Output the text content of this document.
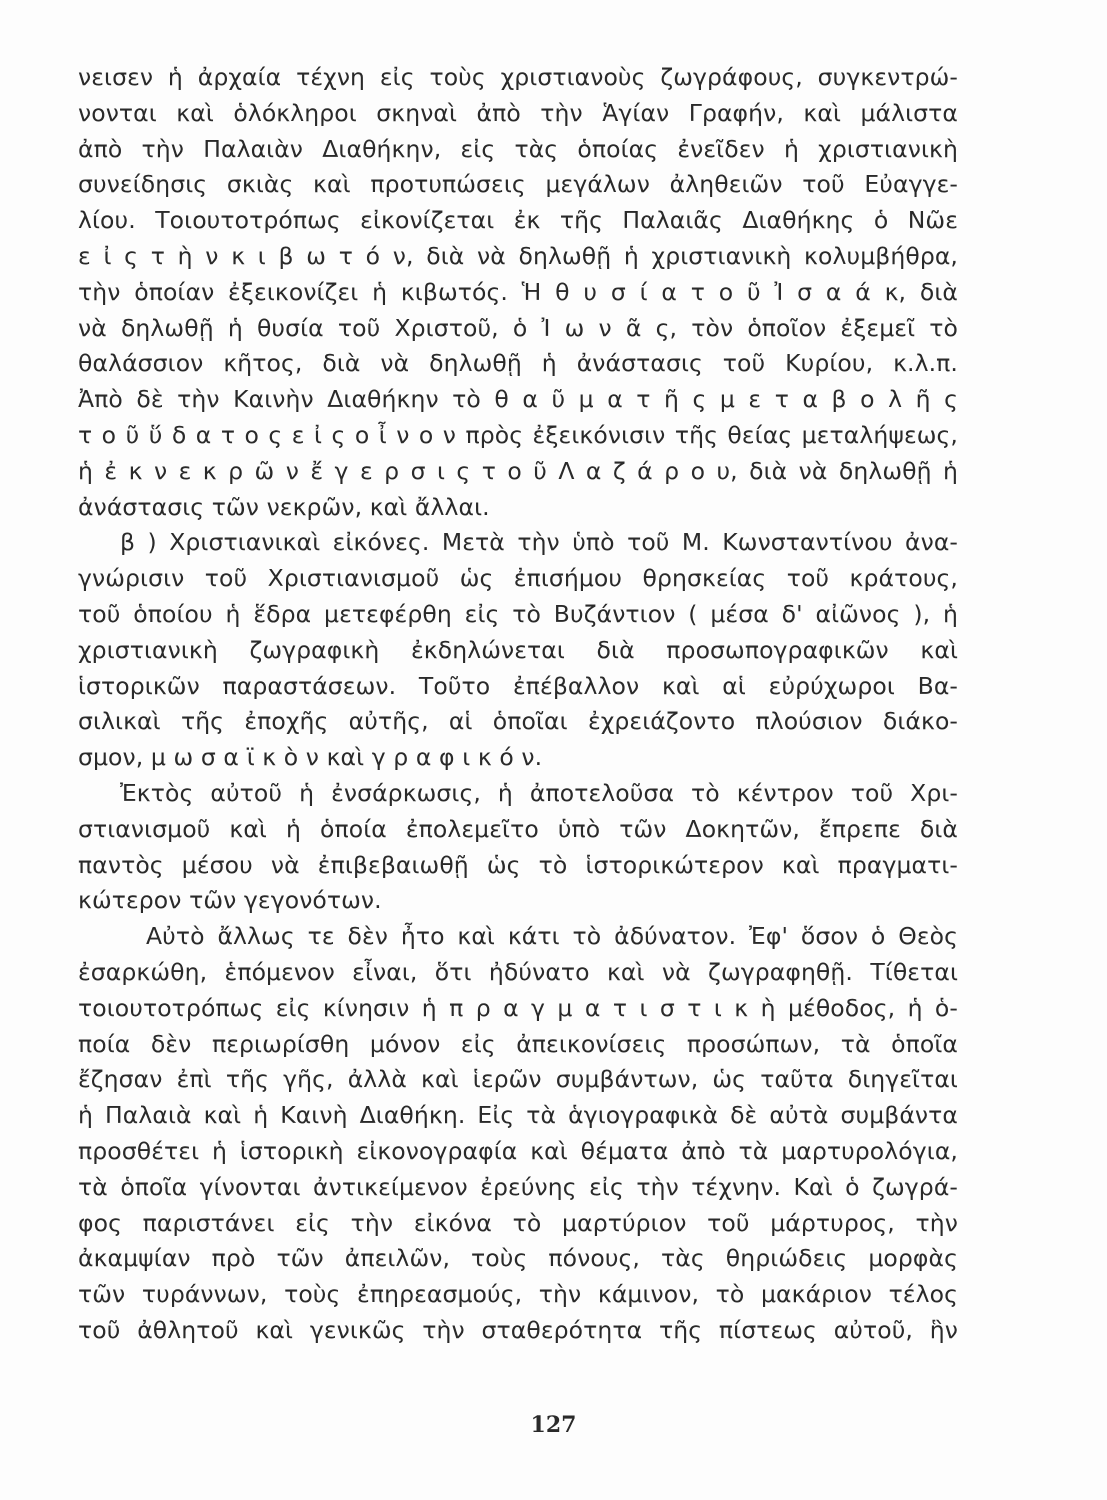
νεισεν ἡ ἀρχαία τέχνη εἰς τοὺς χριστιανοὺς ζωγράφους, συγκεντρώ-
νονται καὶ ὁλόκληροι σκηναὶ ἀπὸ τὴν Ἁγίαν Γραφήν, καὶ μάλιστα
ἀπὸ τὴν Παλαιὰν Διαθήκην, εἰς τὰς ὁποίας ἐνεῖδεν ἡ χριστιανικὴ
συνείδησις σκιὰς καὶ προτυπώσεις μεγάλων ἀληθειῶν τοῦ Εὐαγγε-
λίου. Τοιουτοτρόπως εἰκονίζεται ἐκ τῆς Παλαιᾶς Διαθήκης ὁ Νῶε
ε ἰ ς τ ὴ ν κ ι β ω τ ό ν, διὰ νὰ δηλωθῇ ἡ χριστιανικὴ κολυμβήθρα,
τὴν ὁποίαν ἐξεικονίζει ἡ κιβωτός. Ἡ θ υ σ ί α τ ο ῦ Ἰ σ α ά κ, διὰ
νὰ δηλωθῇ ἡ θυσία τοῦ Χριστοῦ, ὁ Ἰ ω ν ᾶ ς, τὸν ὁποῖον ἐξεμεῖ τὸ
θαλάσσιον κῆτος, διὰ νὰ δηλωθῇ ἡ ἀνάστασις τοῦ Κυρίου, κ.λ.π.
Ἀπὸ δὲ τὴν Καινὴν Διαθήκην τὸ θ α ῦ μ α τ ῆ ς μ ε τ α β ο λ ῆ ς
τ ο ῦ ὕ δ α τ ο ς ε ἰ ς ο ἶ ν ο ν πρὸς ἐξεικόνισιν τῆς θείας μεταλήψεως,
ἡ ἐ κ ν ε κ ρ ῶ ν ἔ γ ε ρ σ ι ς τ ο ῦ Λ α ζ ά ρ ο υ, διὰ νὰ δηλωθῇ ἡ
ἀνάστασις τῶν νεκρῶν, καὶ ἄλλαι.
β ) Χριστιανικαὶ εἰκόνες. Μετὰ τὴν ὑπὸ τοῦ Μ. Κωνσταντίνου ἀνα-
γνώρισιν τοῦ Χριστιανισμοῦ ὡς ἐπισήμου θρησκείας τοῦ κράτους,
τοῦ ὁποίου ἡ ἕδρα μετεφέρθη εἰς τὸ Βυζάντιον ( μέσα δ' αἰῶνος ), ἡ
χριστιανικὴ ζωγραφικὴ ἐκδηλώνεται διὰ προσωπογραφικῶν καὶ
ἱστορικῶν παραστάσεων. Τοῦτο ἐπέβαλλον καὶ αἱ εὐρύχωροι Βα-
σιλικαὶ τῆς ἐποχῆς αὐτῆς, αἱ ὁποῖαι ἐχρειάζοντο πλούσιον διάκο-
σμον, μ ω σ α ϊ κ ὸ ν καὶ γ ρ α φ ι κ ό ν.
Ἐκτὸς αὐτοῦ ἡ ἐνσάρκωσις, ἡ ἀποτελοῦσα τὸ κέντρον τοῦ Χρι-
στιανισμοῦ καὶ ἡ ὁποία ἐπολεμεῖτο ὑπὸ τῶν Δοκητῶν, ἔπρεπε διὰ
παντὸς μέσου νὰ ἐπιβεβαιωθῇ ὡς τὸ ἱστορικώτερον καὶ πραγματι-
κώτερον τῶν γεγονότων.
Αὐτὸ ἄλλως τε δὲν ἦτο καὶ κάτι τὸ ἀδύνατον. Ἐφ' ὅσον ὁ Θεὸς
ἐσαρκώθη, ἑπόμενον εἶναι, ὅτι ἠδύνατο καὶ νὰ ζωγραφηθῇ. Τίθεται
τοιουτοτρόπως εἰς κίνησιν ἡ π ρ α γ μ α τ ι σ τ ι κ ὴ μέθοδος, ἡ ὁ-
ποία δὲν περιωρίσθη μόνον εἰς ἀπεικονίσεις προσώπων, τὰ ὁποῖα
ἔζησαν ἐπὶ τῆς γῆς, ἀλλὰ καὶ ἱερῶν συμβάντων, ὡς ταῦτα διηγεῖται
ἡ Παλαιὰ καὶ ἡ Καινὴ Διαθήκη. Εἰς τὰ ἁγιογραφικὰ δὲ αὐτὰ συμβάντα
προσθέτει ἡ ἱστορικὴ εἰκονογραφία καὶ θέματα ἀπὸ τὰ μαρτυρολόγια,
τὰ ὁποῖα γίνονται ἀντικείμενον ἐρεύνης εἰς τὴν τέχνην. Καὶ ὁ ζωγρά-
φος παριστάνει εἰς τὴν εἰκόνα τὸ μαρτύριον τοῦ μάρτυρος, τὴν
ἀκαμψίαν πρὸ τῶν ἀπειλῶν, τοὺς πόνους, τὰς θηριώδεις μορφὰς
τῶν τυράννων, τοὺς ἐπηρεασμούς, τὴν κάμινον, τὸ μακάριον τέλος
τοῦ ἀθλητοῦ καὶ γενικῶς τὴν σταθερότητα τῆς πίστεως αὐτοῦ, ἣν
127
